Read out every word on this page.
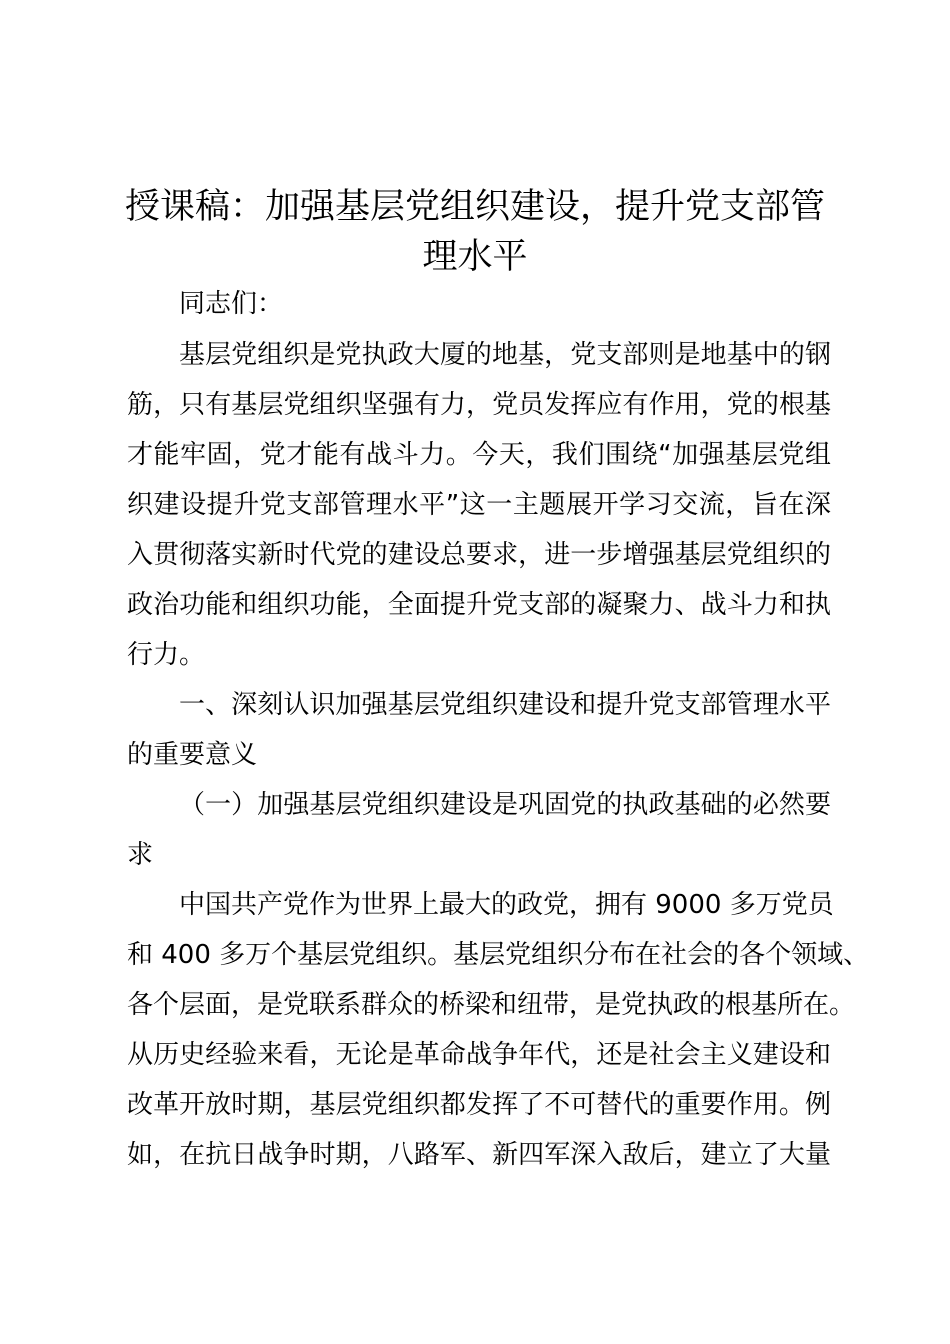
授课稿：加强基层党组织建设，提升党支部管
理水平

同志们：

基层党组织是党执政大厦的地基，党支部则是地基中的钢

筋，只有基层党组织坚强有力，党员发挥应有作用，党的根基

才能牢固，党才能有战斗力。今天，我们围绕“加强基层党组

织建设提升党支部管理水平”这一主题展开学习交流，旨在深

入贯彻落实新时代党的建设总要求，进一步增强基层党组织的

政治功能和组织功能，全面提升党支部的凝聚力、战斗力和执

行力。

一、深刻认识加强基层党组织建设和提升党支部管理水平

的重要意义

（一）加强基层党组织建设是巩固党的执政基础的必然要

求

中国共产党作为世界上最大的政党，拥有 9000 多万党员

和 400 多万个基层党组织。基层党组织分布在社会的各个领域、

各个层面，是党联系群众的桥梁和纽带，是党执政的根基所在。

从历史经验来看，无论是革命战争年代，还是社会主义建设和

改革开放时期，基层党组织都发挥了不可替代的重要作用。例

如，在抗日战争时期，八路军、新四军深入敌后，建立了大量
